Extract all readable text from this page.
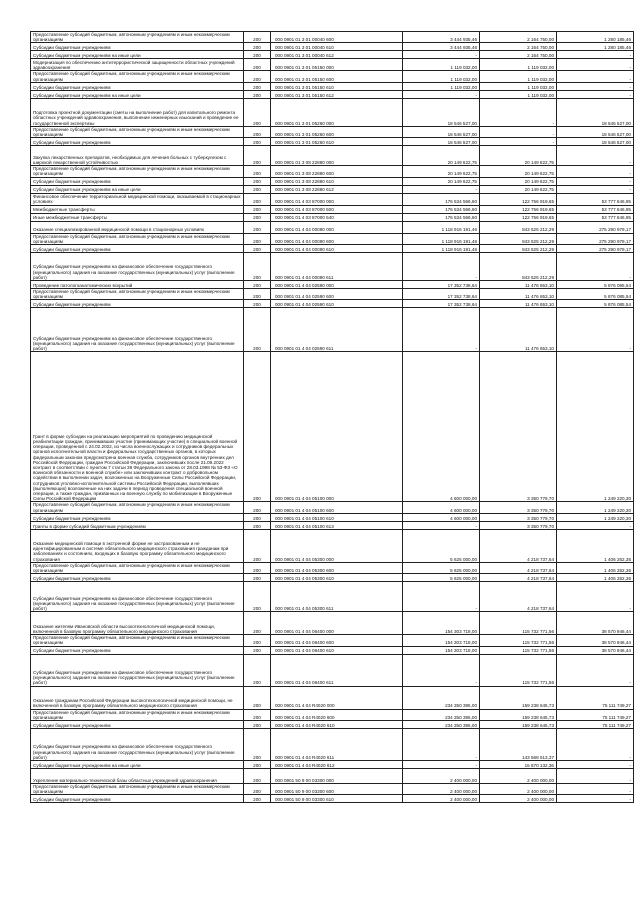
Предоставление субсидий бюджетным, автономным учреждениям и иным некоммерческим организациям	200	000 0901 01 3 01 00040 600	3 444 935,46	2 164 750,00	1 280 185,46
Субсидии бюджетным учреждениям	200	000 0901 01 3 01 00040 610	3 444 935,46	2 164 750,00	1 280 185,46
Субсидии бюджетным учреждениям на иные цели	200	000 0901 01 3 01 00040 612	-	2 164 750,00	-
Модернизация по обеспечению антитеррористической защищенности областных учреждений здравоохранения	200	000 0901 01 3 01 05150 000	1 119 032,00	1 119 032,00	-
Предоставление субсидий бюджетным, автономным учреждениям и иным некоммерческим организациям	200	000 0901 01 3 01 05150 600	1 119 032,00	1 119 032,00	-
Субсидии бюджетным учреждениям	200	000 0901 01 3 01 05150 610	1 119 032,00	1 119 032,00	-
Субсидии бюджетным учреждениям на иные цели	200	000 0901 01 3 01 05150 612	-	1 119 032,00	-
Подготовка проектной документации (сметы на выполнение работ) для капитального ремонта областных учреждений здравоохранения, выполнение инженерных изысканий и проведение ее государственной экспертизы	200	000 0901 01 3 01 05260 000	18 546 527,00	-	18 546 527,00
Предоставление субсидий бюджетным, автономным учреждениям и иным некоммерческим организациям	200	000 0901 01 3 01 05260 600	18 546 527,00	-	18 546 527,00
Субсидии бюджетным учреждениям	200	000 0901 01 3 01 05260 610	18 546 527,00	-	18 546 527,00
Закупка лекарственных препаратов, необходимых для лечения больных с туберкулезом с широкой лекарственной устойчивостью	200	000 0901 01 3 08 22880 000	20 149 622,75	20 149 622,75	-
Предоставление субсидий бюджетным, автономным учреждениям и иным некоммерческим организациям	200	000 0901 01 3 08 22880 600	20 149 622,75	20 149 622,75	-
Субсидии бюджетным учреждениям	200	000 0901 01 3 08 22880 610	20 149 622,75	20 149 622,75	-
Субсидии бюджетным учреждениям на иные цели	200	000 0901 01 3 08 22880 612	-	20 149 622,75	-
Финансовое обеспечение территориальной медицинской помощи, оказываемой в стационарных условиях	200	000 0901 01 4 03 87000 000	176 534 566,60	122 756 919,65	53 777 646,95
Межбюджетные трансферты	200	000 0901 01 4 03 87000 500	176 534 566,60	122 756 919,65	53 777 646,95
Иные межбюджетные трансферты	200	000 0901 01 4 03 87000 540	176 534 566,60	122 756 919,65	53 777 646,95
Оказание специализированной медицинской помощи в стационарных условиях	200	000 0901 01 4 04 00090 000	1 118 916 191,46	843 625 212,29	275 290 979,17
Предоставление субсидий бюджетным, автономным учреждениям и иным некоммерческим организациям	200	000 0901 01 4 04 00090 600	1 118 916 191,46	843 625 212,29	275 290 979,17
Субсидии бюджетным учреждениям	200	000 0901 01 4 04 00090 610	1 118 916 191,46	843 625 212,29	275 290 979,17
Субсидии бюджетным учреждениям на финансовое обеспечение государственного (муниципального) задания на оказание государственных (муниципальных) услуг (выполнение работ)	200	000 0901 01 4 04 00090 611	-	843 625 212,29	-
Проведение патологоанатомических вскрытий	200	000 0901 01 4 04 02590 000	17 352 738,64	11 476 653,10	5 876 085,54
Предоставление субсидий бюджетным, автономным учреждениям и иным некоммерческим организациям	200	000 0901 01 4 04 02590 600	17 352 738,64	11 476 653,10	5 876 085,54
Субсидии бюджетным учреждениям	200	000 0901 01 4 04 02590 610	17 352 738,64	11 476 653,10	5 876 085,54
Субсидии бюджетным учреждениям на финансовое обеспечение государственного (муниципального) задания на оказание государственных (муниципальных) услуг (выполнение работ)	200	000 0901 01 4 04 02590 611	-	11 476 653,10	-
Грант в форме субсидии на реализацию мероприятий по проведению медицинской реабилитации граждан, принимавших участие (принимающих участие) в специальной военной операции, проведенной с 24.02.2022, из числа военнослужащих и сотрудников федеральных органов исполнительной власти и федеральных государственных органов, в которых федеральным законом предусмотрена военная служба, сотрудников органов внутренних дел Российской Федерации, граждан Российской Федерации, заключивших после 21.09.2022 контракт в соответствии с пунктом 7 статьи 38 Федерального закона от 28.03.1998 № 53-ФЗ «О воинской обязанности и военной службе» или заключивших контракт о добровольном содействии в выполнении задач, возложенных на Вооруженные Силы Российской Федерации, сотрудников уголовно-исполнительной системы Российской Федерации, выполнявших (выполняющих) возложенные на них задачи в период проведения специальной военной операции, а также граждан, призванных на военную службу по мобилизации в Вооруженные Силы Российской Федерации	200	000 0901 01 4 04 05100 000	4 600 000,00	3 350 779,70	1 249 220,30
Предоставление субсидий бюджетным, автономным учреждениям и иным некоммерческим организациям	200	000 0901 01 4 04 05100 600	4 600 000,00	3 350 779,70	1 249 220,30
Субсидии бюджетным учреждениям	200	000 0901 01 4 04 05100 610	4 600 000,00	3 350 779,70	1 249 220,30
Гранты в форме субсидий бюджетным учреждениям	200	000 0901 01 4 04 05100 613	-	3 350 779,70	-
Оказание медицинской помощи в экстренной форме не застрахованным и не идентифицированным в системе обязательного медицинского страхования гражданам при заболеваниях и состояниях, входящих в базовую программу обязательного медицинского страхования	200	000 0901 01 4 04 05300 000	5 625 000,00	4 218 737,64	1 406 262,36
Предоставление субсидий бюджетным, автономным учреждениям и иным некоммерческим организациям	200	000 0901 01 4 04 05300 600	5 625 000,00	4 218 737,64	1 406 262,36
Субсидии бюджетным учреждениям	200	000 0901 01 4 04 05300 610	5 625 000,00	4 218 737,64	1 406 262,36
Субсидии бюджетным учреждениям на финансовое обеспечение государственного (муниципального) задания на оказание государственных (муниципальных) услуг (выполнение работ)	200	000 0901 01 4 04 05300 611	-	4 218 737,64	-
Оказание жителям Ивановской области высокотехнологичной медицинской помощи, включенной в базовую программу обязательного медицинского страхования	200	000 0901 01 4 04 06400 000	154 303 718,00	115 732 771,56	38 570 946,44
Предоставление субсидий бюджетным, автономным учреждениям и иным некоммерческим организациям	200	000 0901 01 4 04 06400 600	154 303 718,00	115 732 771,56	38 570 946,44
Субсидии бюджетным учреждениям	200	000 0901 01 4 04 06400 610	154 303 718,00	115 732 771,56	38 570 946,44
Субсидии бюджетным учреждениям на финансовое обеспечение государственного (муниципального) задания на оказание государственных (муниципальных) услуг (выполнение работ)	200	000 0901 01 4 04 06400 611	-	115 732 771,56	-
Оказание гражданам Российской Федерации высокотехнологичной медицинской помощи, не включенной в базовую программу обязательного медицинского страхования	200	000 0901 01 4 04 R4020 000	234 350 395,00	159 238 645,73	75 111 749,27
Предоставление субсидий бюджетным, автономным учреждениям и иным некоммерческим организациям	200	000 0901 01 4 04 R4020 600	234 350 395,00	159 238 645,73	75 111 749,27
Субсидии бюджетным учреждениям	200	000 0901 01 4 04 R4020 610	234 350 395,00	159 238 645,73	75 111 749,27
Субсидии бюджетным учреждениям на финансовое обеспечение государственного (муниципального) задания на оказание государственных (муниципальных) услуг (выполнение работ)	200	000 0901 01 4 04 R4020 611	-	143 568 513,37	-
Субсидии бюджетным учреждениям на иные цели	200	000 0901 01 4 04 R4020 612	-	15 670 132,36	-
Укрепление материально-технической базы областных учреждений здравоохранения	200	000 0901 50 9 00 03300 000	2 400 000,00	2 400 000,00	-
Предоставление субсидий бюджетным, автономным учреждениям и иным некоммерческим организациям	200	000 0901 50 9 00 03300 600	2 400 000,00	2 400 000,00	-
Субсидии бюджетным учреждениям	200	000 0901 50 9 00 03300 610	2 400 000,00	2 400 000,00	-
